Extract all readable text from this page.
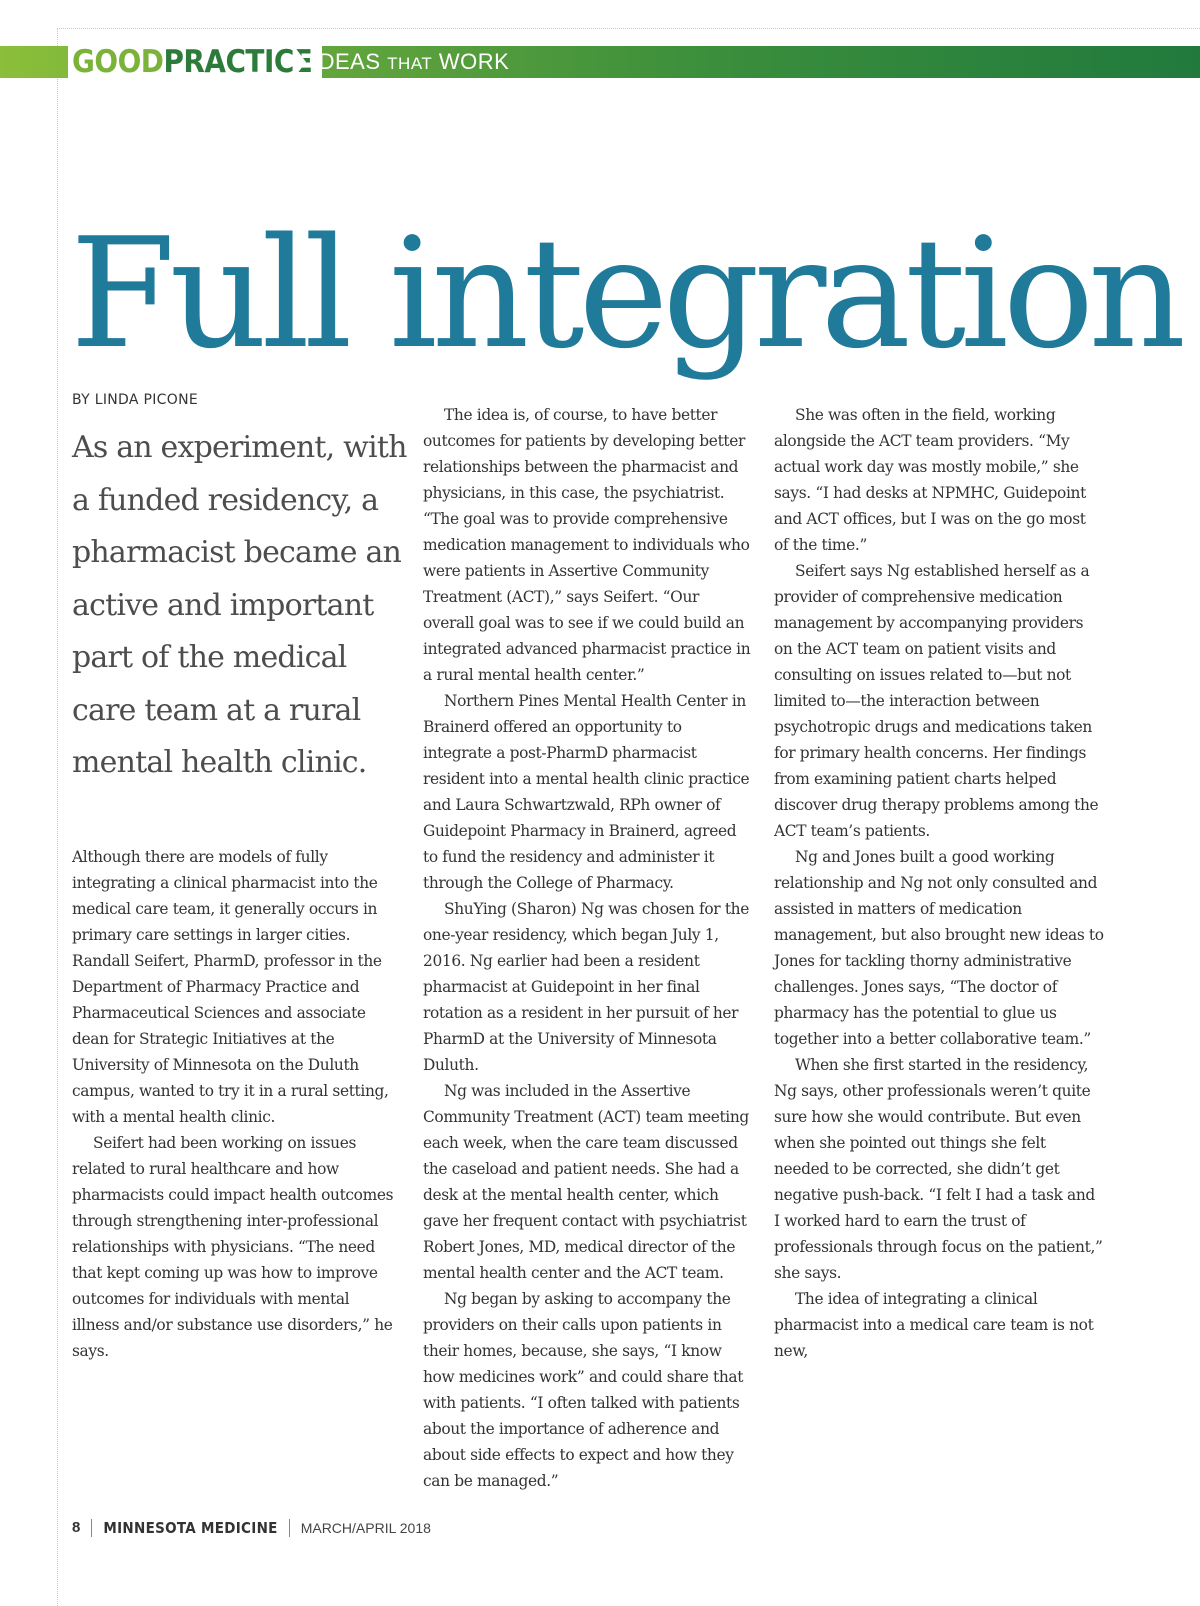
GOOD PRACTICE IDEAS THAT WORK
Full integration
BY LINDA PICONE
As an experiment, with a funded residency, a pharmacist became an active and important part of the medical care team at a rural mental health clinic.

Although there are models of fully integrating a clinical pharmacist into the medical care team, it generally occurs in primary care settings in larger cities. Randall Seifert, PharmD, professor in the Department of Pharmacy Practice and Pharmaceutical Sciences and associate dean for Strategic Initiatives at the University of Minnesota on the Duluth campus, wanted to try it in a rural setting, with a mental health clinic.

Seifert had been working on issues related to rural healthcare and how pharmacists could impact health outcomes through strengthening inter-professional relationships with physicians. “The need that kept coming up was how to improve outcomes for individuals with mental illness and/or substance use disorders,” he says.

The idea is, of course, to have better outcomes for patients by developing better relationships between the pharmacist and physicians, in this case, the psychiatrist. “The goal was to provide comprehensive medication management to individuals who were patients in Assertive Community Treatment (ACT),” says Seifert. “Our overall goal was to see if we could build an integrated advanced pharmacist practice in a rural mental health center.”

Northern Pines Mental Health Center in Brainerd offered an opportunity to integrate a post-PharmD pharmacist resident into a mental health clinic practice and Laura Schwartzwald, RPh owner of Guidepoint Pharmacy in Brainerd, agreed to fund the residency and administer it through the College of Pharmacy.

ShuYing (Sharon) Ng was chosen for the one-year residency, which began July 1, 2016. Ng earlier had been a resident pharmacist at Guidepoint in her final rotation as a resident in her pursuit of her PharmD at the University of Minnesota Duluth.

Ng was included in the Assertive Community Treatment (ACT) team meeting each week, when the care team discussed the caseload and patient needs. She had a desk at the mental health center, which gave her frequent contact with psychiatrist Robert Jones, MD, medical director of the mental health center and the ACT team.

Ng began by asking to accompany the providers on their calls upon patients in their homes, because, she says, “I know how medicines work” and could share that with patients. “I often talked with patients about the importance of adherence and about side effects to expect and how they can be managed.”

She was often in the field, working alongside the ACT team providers. “My actual work day was mostly mobile,” she says. “I had desks at NPMHC, Guidepoint and ACT offices, but I was on the go most of the time.”

Seifert says Ng established herself as a provider of comprehensive medication management by accompanying providers on the ACT team on patient visits and consulting on issues related to—but not limited to—the interaction between psychotropic drugs and medications taken for primary health concerns. Her findings from examining patient charts helped discover drug therapy problems among the ACT team’s patients.

Ng and Jones built a good working relationship and Ng not only consulted and assisted in matters of medication management, but also brought new ideas to Jones for tackling thorny administrative challenges. Jones says, “The doctor of pharmacy has the potential to glue us together into a better collaborative team.”

When she first started in the residency, Ng says, other professionals weren’t quite sure how she would contribute. But even when she pointed out things she felt needed to be corrected, she didn’t get negative push-back. “I felt I had a task and I worked hard to earn the trust of professionals through focus on the patient,” she says.

The idea of integrating a clinical pharmacist into a medical care team is not new,

8 MINNESOTA MEDICINE MARCH/APRIL 2018
